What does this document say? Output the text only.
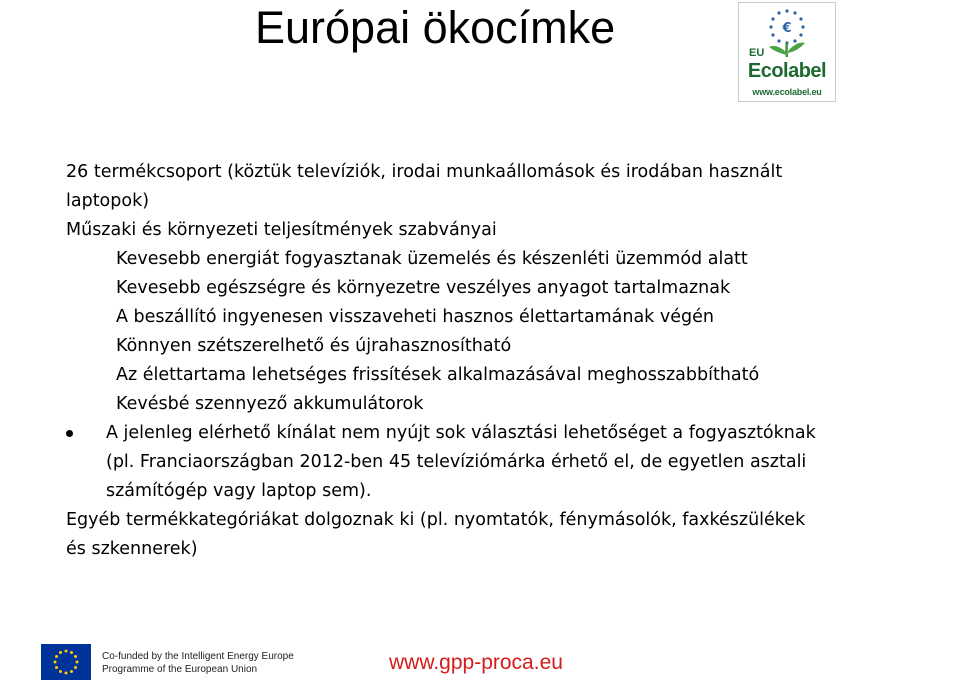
Európai ökocímke	€
EU
Ecolabel
www.ecolabel.eu
26 termékcsoport (köztük televíziók, irodai munkaállomások és irodában használt
laptopok)
Műszaki és környezeti teljesítmények szabványai
Kevesebb energiát fogyasztanak üzemelés és készenléti üzemmód alatt
Kevesebb egészségre és környezetre veszélyes anyagot tartalmaznak
A beszállító ingyenesen visszaveheti hasznos élettartamának végén
Könnyen szétszerelhető és újrahasznosítható
Az élettartama lehetséges frissítések alkalmazásával meghosszabbítható
Kevésbé szennyező akkumulátorok
A jelenleg elérhető kínálat nem nyújt sok választási lehetőséget a fogyasztóknak
(pl. Franciaországban 2012-ben 45 televíziómárka érhető el, de egyetlen asztali
számítógép vagy laptop sem).
Egyéb termékkategóriákat dolgoznak ki (pl. nyomtatók, fénymásolók, faxkészülékek
és szkennerek)
Co-funded by the Intelligent Energy Europe
Programme of the European Union	www.gpp-proca.eu
